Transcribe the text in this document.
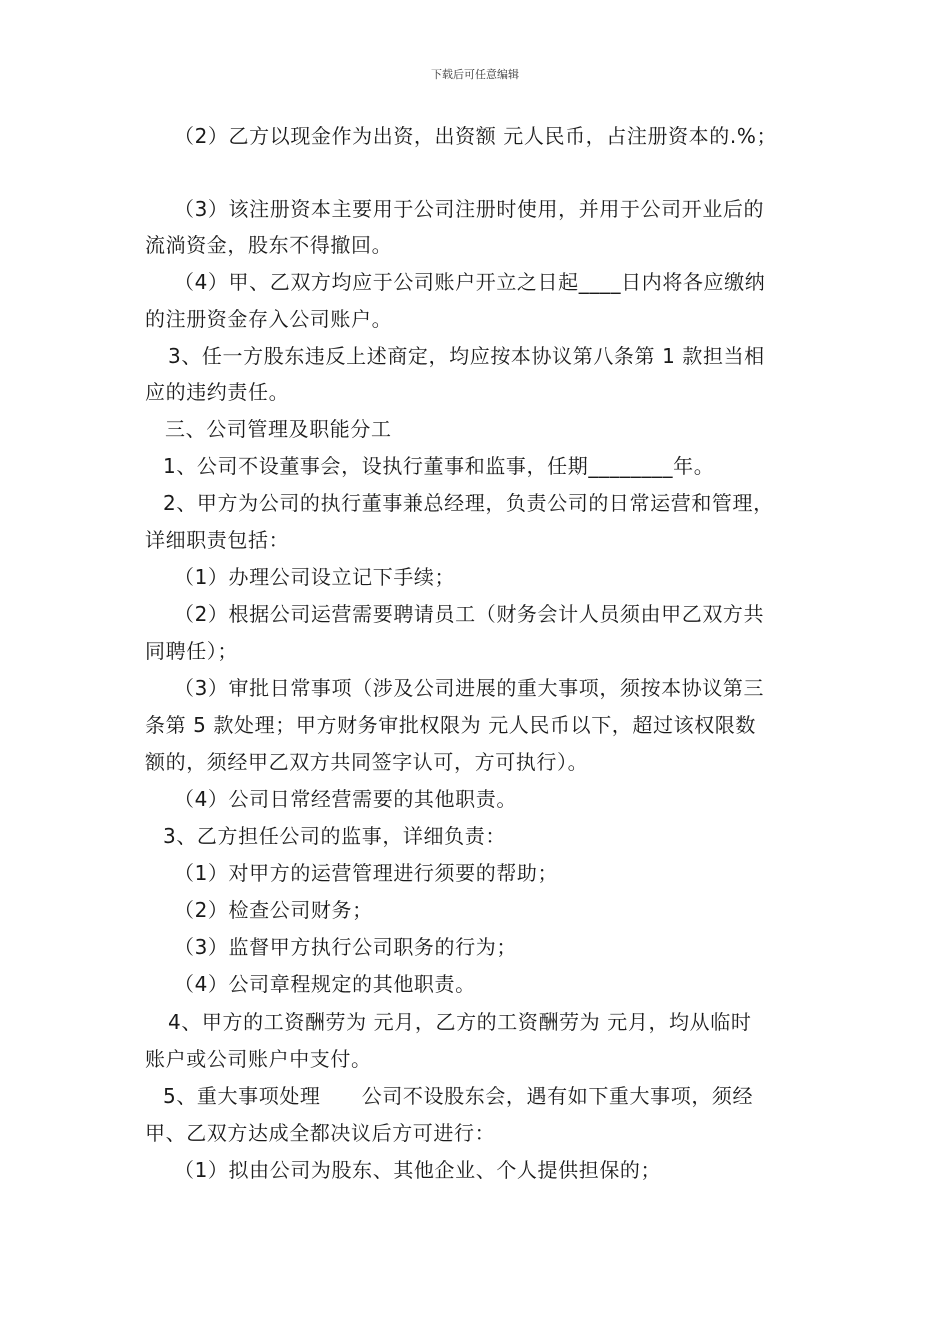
下载后可任意编辑
（2）乙方以现金作为出资，出资额 元人民币，占注册资本的.%；
（3）该注册资本主要用于公司注册时使用，并用于公司开业后的
流淌资金，股东不得撤回。
（4）甲、乙双方均应于公司账户开立之日起____日内将各应缴纳
的注册资金存入公司账户。
3、任一方股东违反上述商定，均应按本协议第八条第 1 款担当相
应的违约责任。
三、公司管理及职能分工
1、公司不设董事会，设执行董事和监事，任期________年。
2、甲方为公司的执行董事兼总经理，负责公司的日常运营和管理，
详细职责包括：
（1）办理公司设立记下手续；
（2）根据公司运营需要聘请员工（财务会计人员须由甲乙双方共
同聘任）；
（3）审批日常事项（涉及公司进展的重大事项，须按本协议第三
条第 5 款处理；甲方财务审批权限为 元人民币以下，超过该权限数
额的，须经甲乙双方共同签字认可，方可执行）。
（4）公司日常经营需要的其他职责。
3、乙方担任公司的监事，详细负责：
（1）对甲方的运营管理进行须要的帮助；
（2）检查公司财务；
（3）监督甲方执行公司职务的行为；
（4）公司章程规定的其他职责。
4、甲方的工资酬劳为 元月，乙方的工资酬劳为 元月，均从临时
账户或公司账户中支付。
5、重大事项处理　　公司不设股东会，遇有如下重大事项，须经
甲、乙双方达成全都决议后方可进行：
（1）拟由公司为股东、其他企业、个人提供担保的；
